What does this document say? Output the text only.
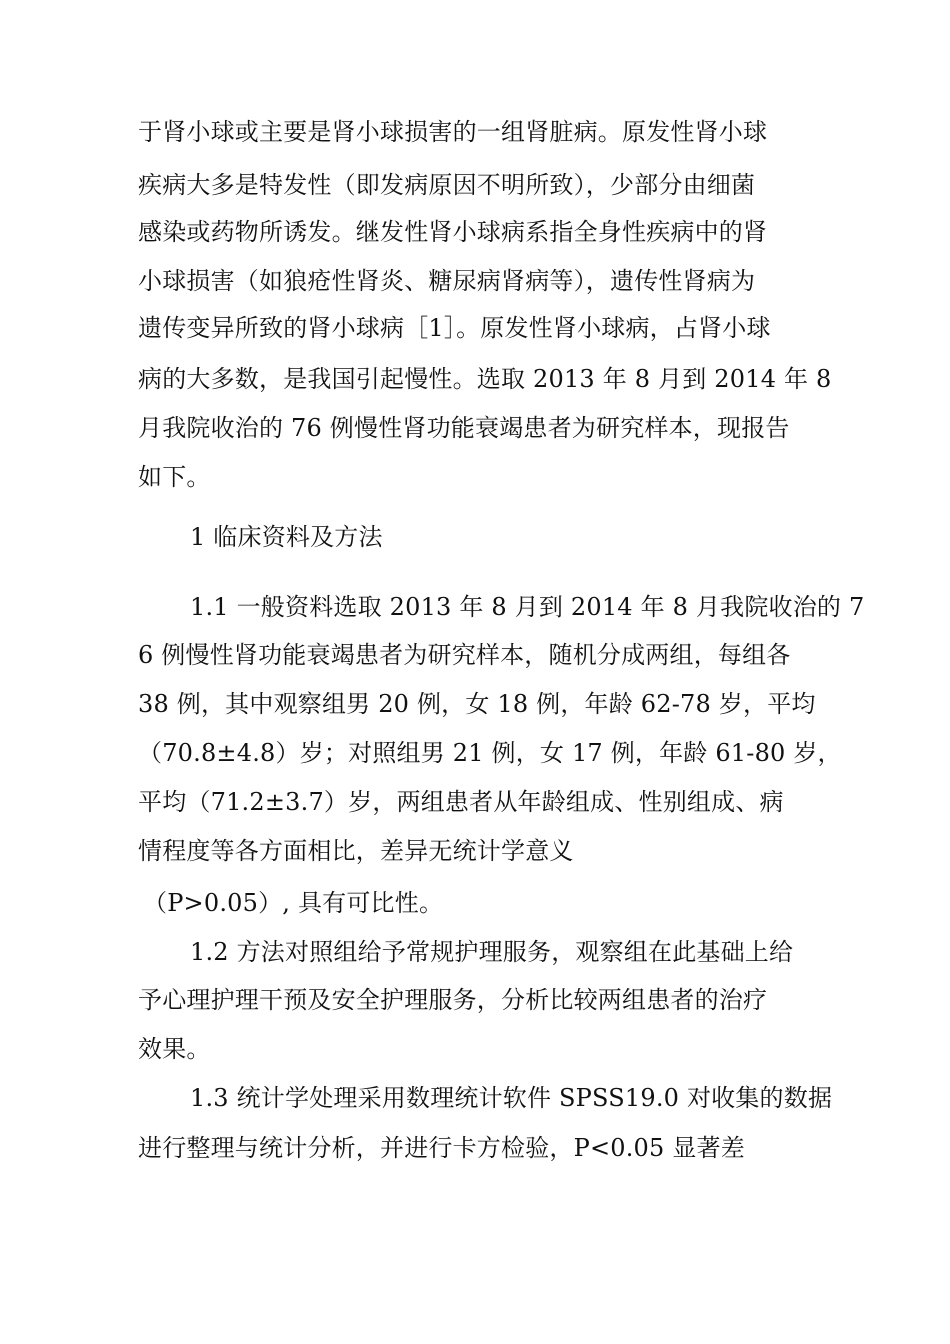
于肾小球或主要是肾小球损害的一组肾脏病。原发性肾小球
疾病大多是特发性（即发病原因不明所致），少部分由细菌
感染或药物所诱发。继发性肾小球病系指全身性疾病中的肾
小球损害（如狼疮性肾炎、糖尿病肾病等），遗传性肾病为
遗传变异所致的肾小球病［1］。原发性肾小球病，占肾小球
病的大多数，是我国引起慢性。选取 2013 年 8 月到 2014 年 8
月我院收治的 76 例慢性肾功能衰竭患者为研究样本，现报告
如下。
1 临床资料及方法
1.1 一般资料选取 2013 年 8 月到 2014 年 8 月我院收治的 7
6 例慢性肾功能衰竭患者为研究样本，随机分成两组，每组各
38 例，其中观察组男 20 例，女 18 例，年龄 62-78 岁，平均
（70.8±4.8）岁；对照组男 21 例，女 17 例，年龄 61-80 岁，
平均（71.2±3.7）岁，两组患者从年龄组成、性别组成、病
情程度等各方面相比，差异无统计学意义
（P>0.05）, 具有可比性。
1.2 方法对照组给予常规护理服务，观察组在此基础上给
予心理护理干预及安全护理服务，分析比较两组患者的治疗
效果。
1.3 统计学处理采用数理统计软件 SPSS19.0 对收集的数据
进行整理与统计分析，并进行卡方检验，P<0.05 显著差
